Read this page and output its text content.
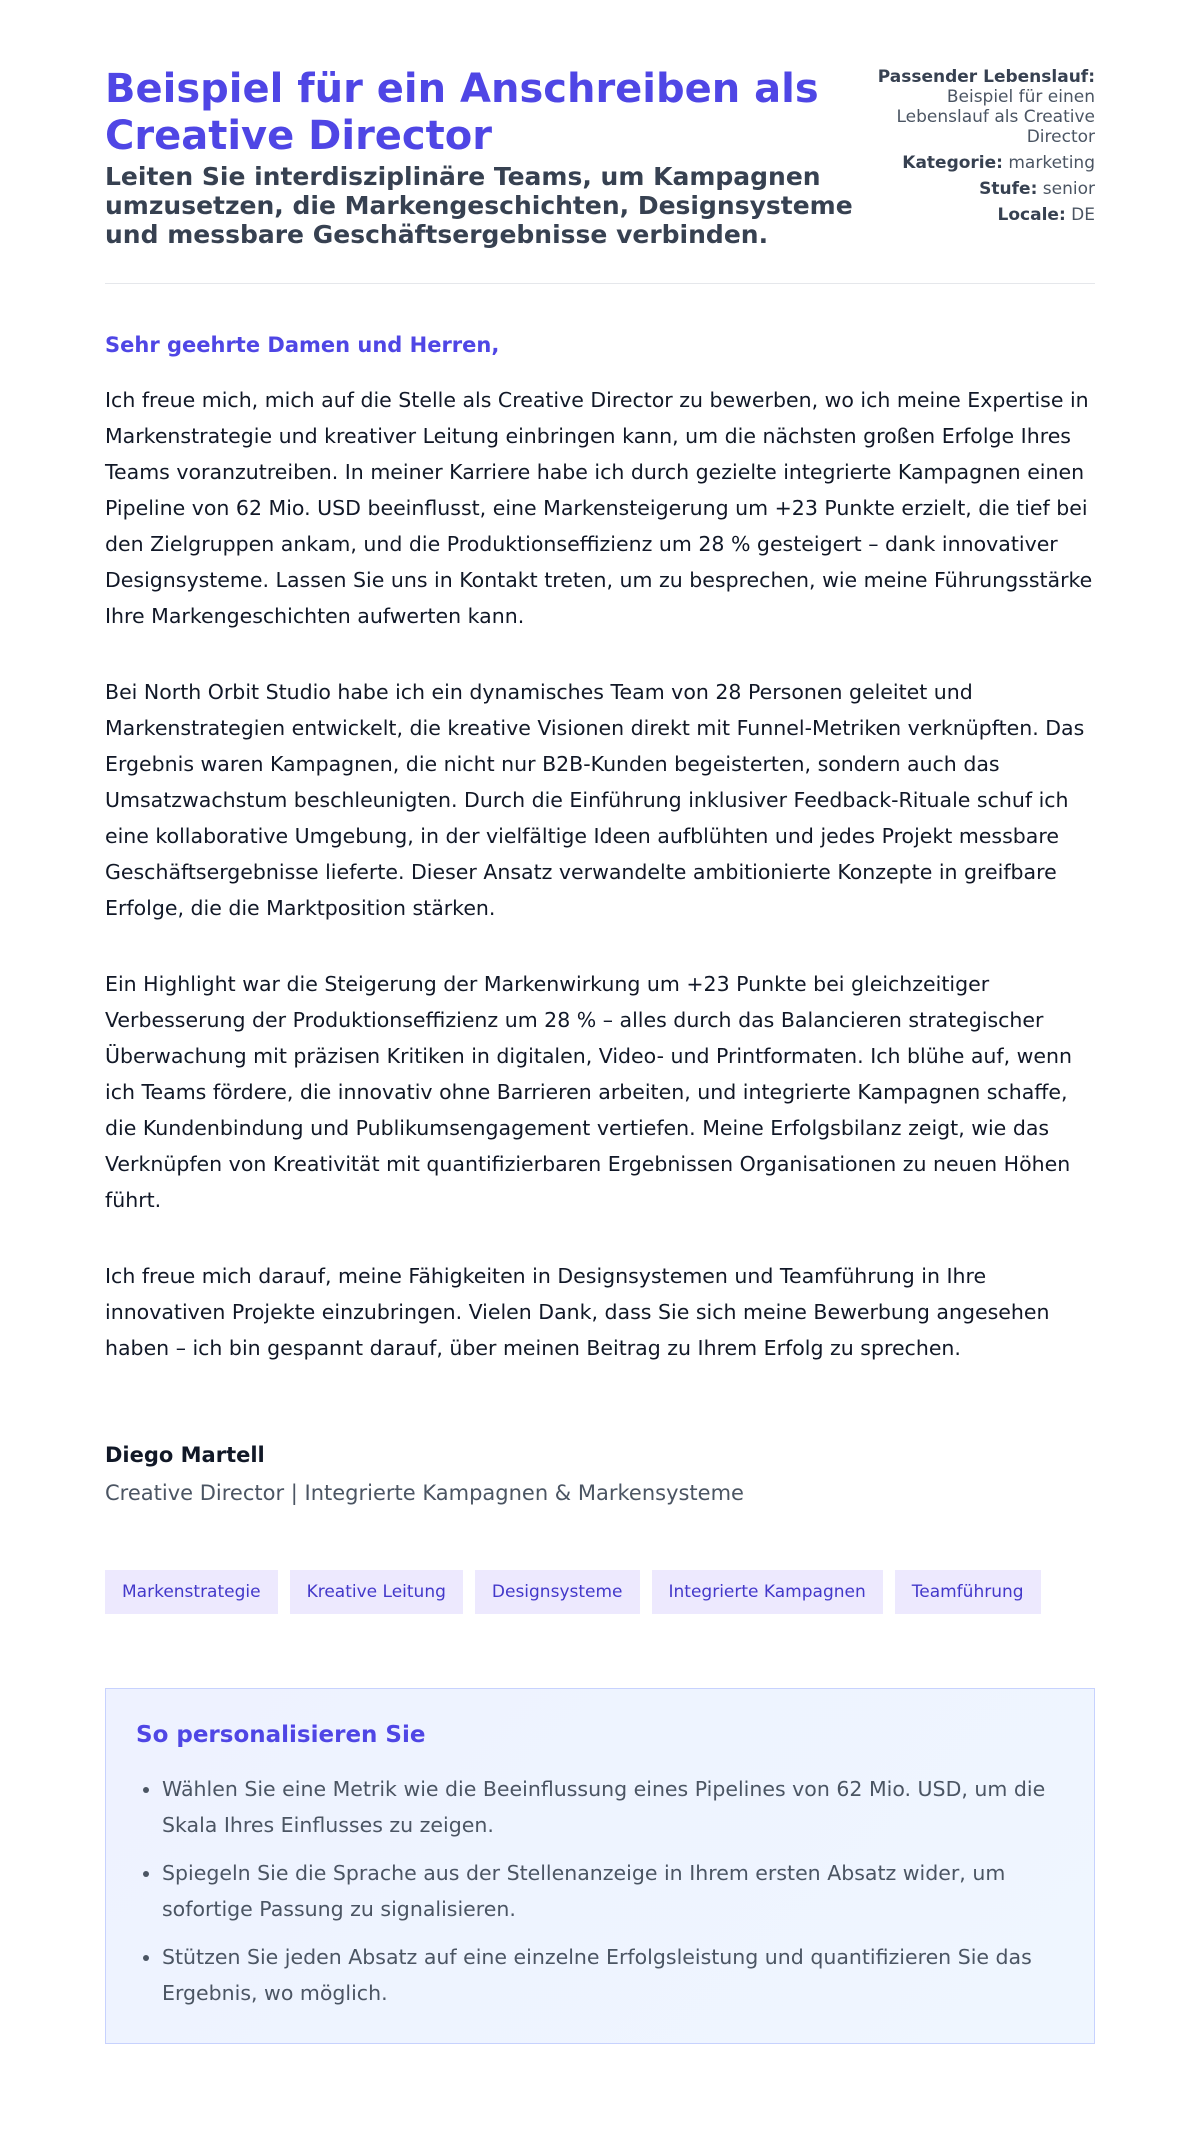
Beispiel für ein Anschreiben als Creative Director
Leiten Sie interdisziplinäre Teams, um Kampagnen umzusetzen, die Markengeschichten, Designsysteme und messbare Geschäftsergebnisse verbinden.
Passender Lebenslauf:
Beispiel für einen Lebenslauf als Creative Director
Kategorie: marketing
Stufe: senior
Locale: DE

Sehr geehrte Damen und Herren,

Ich freue mich, mich auf die Stelle als Creative Director zu bewerben, wo ich meine Expertise in Markenstrategie und kreativer Leitung einbringen kann, um die nächsten großen Erfolge Ihres Teams voranzutreiben. In meiner Karriere habe ich durch gezielte integrierte Kampagnen einen Pipeline von 62 Mio. USD beeinflusst, eine Markensteigerung um +23 Punkte erzielt, die tief bei den Zielgruppen ankam, und die Produktionseffizienz um 28 % gesteigert – dank innovativer Designsysteme. Lassen Sie uns in Kontakt treten, um zu besprechen, wie meine Führungsstärke Ihre Markengeschichten aufwerten kann.

Bei North Orbit Studio habe ich ein dynamisches Team von 28 Personen geleitet und Markenstrategien entwickelt, die kreative Visionen direkt mit Funnel-Metriken verknüpften. Das Ergebnis waren Kampagnen, die nicht nur B2B-Kunden begeisterten, sondern auch das Umsatzwachstum beschleunigten. Durch die Einführung inklusiver Feedback-Rituale schuf ich eine kollaborative Umgebung, in der vielfältige Ideen aufblühten und jedes Projekt messbare Geschäftsergebnisse lieferte. Dieser Ansatz verwandelte ambitionierte Konzepte in greifbare Erfolge, die die Marktposition stärken.

Ein Highlight war die Steigerung der Markenwirkung um +23 Punkte bei gleichzeitiger Verbesserung der Produktionseffizienz um 28 % – alles durch das Balancieren strategischer Überwachung mit präzisen Kritiken in digitalen, Video- und Printformaten. Ich blühe auf, wenn ich Teams fördere, die innovativ ohne Barrieren arbeiten, und integrierte Kampagnen schaffe, die Kundenbindung und Publikumsengagement vertiefen. Meine Erfolgsbilanz zeigt, wie das Verknüpfen von Kreativität mit quantifizierbaren Ergebnissen Organisationen zu neuen Höhen führt.

Ich freue mich darauf, meine Fähigkeiten in Designsystemen und Teamführung in Ihre innovativen Projekte einzubringen. Vielen Dank, dass Sie sich meine Bewerbung angesehen haben – ich bin gespannt darauf, über meinen Beitrag zu Ihrem Erfolg zu sprechen.

Diego Martell
Creative Director | Integrierte Kampagnen & Markensysteme
Markenstrategie	Kreative Leitung	Designsysteme	Integrierte Kampagnen	Teamführung
So personalisieren Sie
• Wählen Sie eine Metrik wie die Beeinflussung eines Pipelines von 62 Mio. USD, um die Skala Ihres Einflusses zu zeigen.
• Spiegeln Sie die Sprache aus der Stellenanzeige in Ihrem ersten Absatz wider, um sofortige Passung zu signalisieren.
• Stützen Sie jeden Absatz auf eine einzelne Erfolgsleistung und quantifizieren Sie das Ergebnis, wo möglich.
